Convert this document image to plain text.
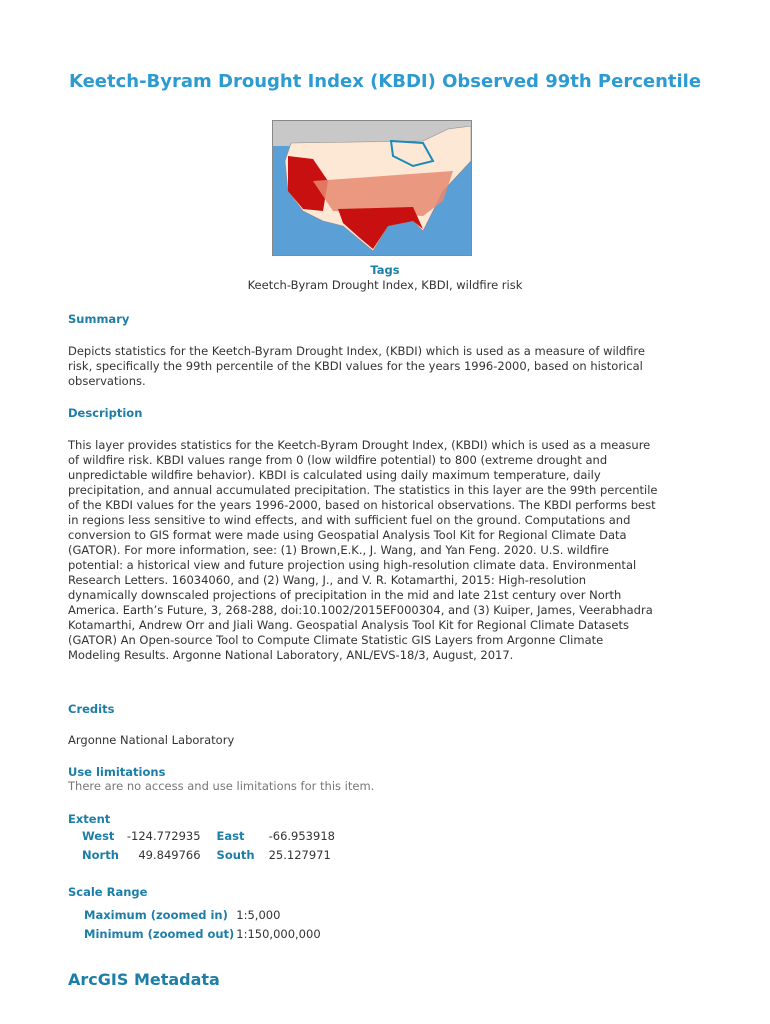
Keetch-Byram Drought Index (KBDI) Observed 99th Percentile
Tags
Keetch-Byram Drought Index, KBDI, wildfire risk
Summary
Depicts statistics for the Keetch-Byram Drought Index, (KBDI) which is used as a measure of wildfire risk, specifically the 99th percentile of the KBDI values for the years 1996-2000, based on historical observations.
Description
This layer provides statistics for the Keetch-Byram Drought Index, (KBDI) which is used as a measure of wildfire risk. KBDI values range from 0 (low wildfire potential) to 800 (extreme drought and unpredictable wildfire behavior). KBDI is calculated using daily maximum temperature, daily precipitation, and annual accumulated precipitation. The statistics in this layer are the 99th percentile of the KBDI values for the years 1996-2000, based on historical observations. The KBDI performs best in regions less sensitive to wind effects, and with sufficient fuel on the ground. Computations and conversion to GIS format were made using Geospatial Analysis Tool Kit for Regional Climate Data (GATOR). For more information, see: (1) Brown,E.K., J. Wang, and Yan Feng. 2020. U.S. wildfire potential: a historical view and future projection using high-resolution climate data. Environmental Research Letters. 16034060, and (2) Wang, J., and V. R. Kotamarthi, 2015: High-resolution dynamically downscaled projections of precipitation in the mid and late 21st century over North America. Earth’s Future, 3, 268-288, doi:10.1002/2015EF000304, and (3) Kuiper, James, Veerabhadra Kotamarthi, Andrew Orr and Jiali Wang. Geospatial Analysis Tool Kit for Regional Climate Datasets (GATOR) An Open-source Tool to Compute Climate Statistic GIS Layers from Argonne Climate Modeling Results. Argonne National Laboratory, ANL/EVS-18/3, August, 2017.
Credits
Argonne National Laboratory
Use limitations
There are no access and use limitations for this item.
Extent
West	-124.772935	East	-66.953918
North	49.849766	South	25.127971
Scale Range
Maximum (zoomed in)	1:5,000
Minimum (zoomed out)	1:150,000,000
ArcGIS Metadata
